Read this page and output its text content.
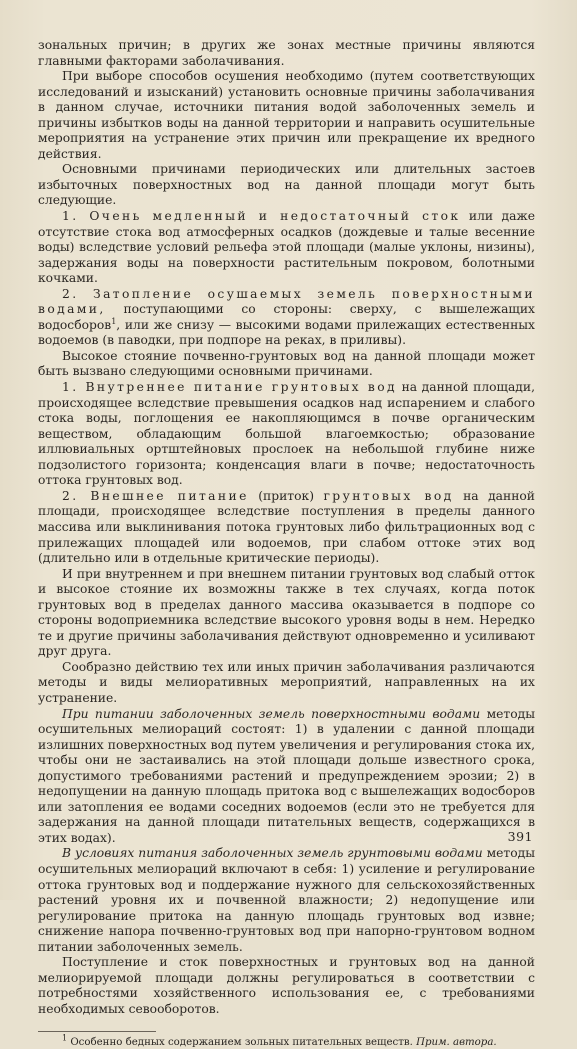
зональных причин; в других же зонах местные причины являются главными факторами заболачивания.

При выборе способов осушения необходимо (путем соответствующих исследований и изысканий) установить основные причины заболачивания в данном случае, источники питания водой заболоченных земель и причины избытков воды на данной территории и направить осушительные мероприятия на устранение этих причин или прекращение их вредного действия.

Основными причинами периодических или длительных застоев избыточных поверхностных вод на данной площади могут быть следующие.

1. Очень медленный и недостаточный сток или даже отсутствие стока вод атмосферных осадков (дождевые и талые весенние воды) вследствие условий рельефа этой площади (малые уклоны, низины), задержания воды на поверхности растительным покровом, болотными кочками.

2. Затопление осушаемых земель поверхностными водами, поступающими со стороны: сверху, с вышележащих водосборов$^1$, или же снизу — высокими водами прилежащих естественных водоемов (в паводки, при подпоре на реках, в приливы).

Высокое стояние почвенно-грунтовых вод на данной площади может быть вызвано следующими основными причинами.

1. Внутреннее питание грунтовых вод на данной площади, происходящее вследствие превышения осадков над испарением и слабого стока воды, поглощения ее накопляющимся в почве органическим веществом, обладающим большой влагоемкостью; образование иллювиальных ортштейновых прослоек на небольшой глубине ниже подзолистого горизонта; конденсация влаги в почве; недостаточность оттока грунтовых вод.

2. Внешнее питание (приток) грунтовых вод на данной площади, происходящее вследствие поступления в пределы данного массива или выклинивания потока грунтовых либо фильтрационных вод с прилежащих площадей или водоемов, при слабом оттоке этих вод (длительно или в отдельные критические периоды).

И при внутреннем и при внешнем питании грунтовых вод слабый отток и высокое стояние их возможны также в тех случаях, когда поток грунтовых вод в пределах данного массива оказывается в подпоре со стороны водоприемника вследствие высокого уровня воды в нем. Нередко те и другие причины заболачивания действуют одновременно и усиливают друг друга.

Сообразно действию тех или иных причин заболачивания различаются методы и виды мелиоративных мероприятий, направленных на их устранение.

При питании заболоченных земель поверхностными водами методы осушительных мелиораций состоят: 1) в удалении с данной площади излишних поверхностных вод путем увеличения и регулирования стока их, чтобы они не застаивались на этой площади дольше известного срока, допустимого требованиями растений и предупреждением эрозии; 2) в недопущении на данную площадь притока вод с вышележащих водосборов или затопления ее водами соседних водоемов (если это не требуется для задержания на данной площади питательных веществ, содержащихся в этих водах).

В условиях питания заболоченных земель грунтовыми водами методы осушительных мелиораций включают в себя: 1) усиление и регулирование оттока грунтовых вод и поддержание нужного для сельскохозяйственных растений уровня их и почвенной влажности; 2) недопущение или регулирование притока на данную площадь грунтовых вод извне; снижение напора почвенно-грунтовых вод при напорно-грунтовом водном питании заболоченных земель.

Поступление и сток поверхностных и грунтовых вод на данной мелиорируемой площади должны регулироваться в соответствии с потребностями хозяйственного использования ее, с требованиями необходимых севооборотов.

$^1$ Особенно бедных содержанием зольных питательных веществ. Прим. автора.
391
